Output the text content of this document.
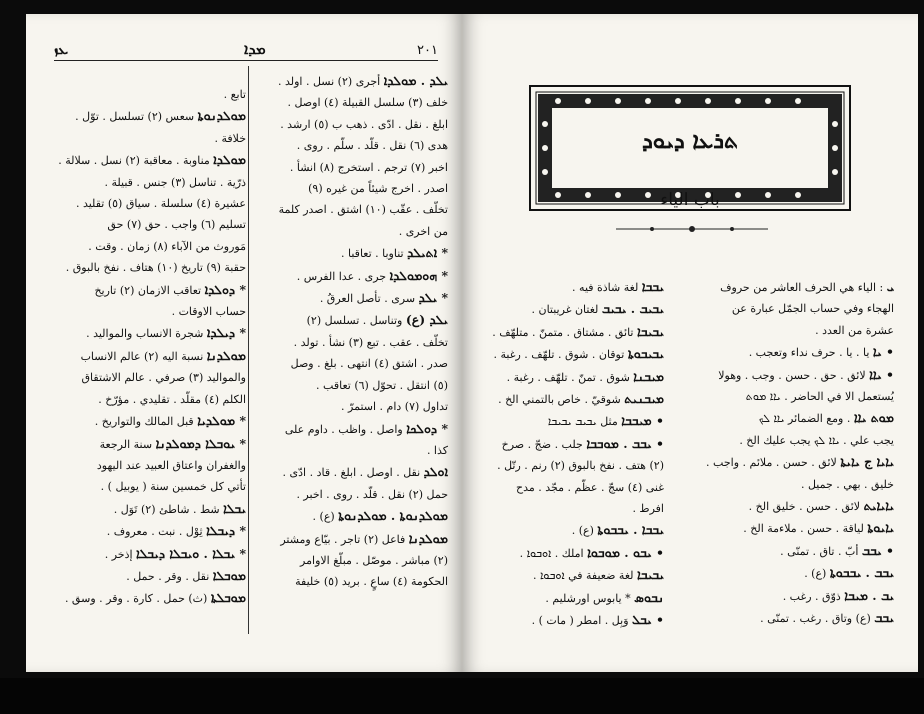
ܥܙ	ܡܕܐ	٢٠١
ܝܠܕ . ܡܘܠܕܐ أجرى (٢) نسل . اولد .
خلف (٣) سلسل القبيلة (٤) اوصل .
ابلغ . نقل . ادّى . ذهب ب (٥) ارشد .
هدى (٦) نقل . قلّد . سلّم . روى .
اخبر (٧) ترجم . استخرج (٨) انشأ .
اصدر . اخرج شيئاً من غيره (٩)
تخلّف . عقّب (١٠) اشتق . اصدر كلمة
من اخرى .
* ܐܬܝܠܕ تناوبا . تعاقبا .
* ܗܘܡܘܠܕܐ جرى . عدا الفرس .
* ܝܠܕ سرى . تأصل العرقُ .
ܝܠܕ (ع) وتناسل . تسلسل (٢)
تخلّف . عقب . تبع (٣) نشأ . تولد .
صدر . اشتق (٤) انتهى . بلغ . وصل
(٥) انتقل . تحوّل (٦) تعاقب .
تداول (٧) دام . استمرّ .
* ܕܘܠܟܐ واصل . واظب . داوم على
كذا .
ܐܘܠܕ نقل . اوصل . ابلغ . قاد . ادّى .
حمل (٢) نقل . قلّد . روى . اخبر .
ܡܘܠܕܢܘܬܐ . ܡܘܠܕܢܘܬܐ (ع) .
ܡܘܠܕܢܐ فاعل (٢) تاجر . بيّاع ومشتر
(٢) مباشر . موصّل . مبلّغ الاوامر
الحكومة (٤) ساعٍ . بريد (٥) خليفة
تابع .
ܡܘܠܕܢܘܬܐ سعس (٢) تسلسل . توّل .
خلافة .
ܡܘܠܕܐ مناوبة . معاقبة (٢) نسل . سلالة .
ذرّية . تناسل (٣) جنس . قبيلة .
عشيرة (٤) سلسلة . سياق (٥) تقليد .
تسليم (٦) واجب . حق (٧) حق
مَوروث من الآباء (٨) زمان . وقت .
حقبة (٩) تاريخ (١٠) هتاف . نفخ بالبوق .
* ܕܘܠܕܐ تعاقب الازمان (٢) تاريخ
حساب الاوقات .
* ܕܝܠܕܐ شجرة الانساب والمواليد .
ܡܘܠܕܢܐ نسبة اليه (٢) عالم الانساب
والمواليد (٣) صرفي . عالم الاشتقاق
الكلم (٤) مقلّد . تقليدي . مؤرّخ .
* ܡܘܠܕܝܐ قبل المالك والتواريخ .
* ܝܘܒܠܐ ܕܡܘܠܕܢܐ سنة الرجعة
والغفران واعتاق العبيد عند اليهود
تأتي كل خمسين سنة ( يوبيل ) .
ܝܒܠܐ شط . شاطئ (٢) تَوَل .
* ܕܝܒܠܐ ثِوْل . نبت . معروف .
* ܝܒܠܐ . ܘܝܒܠܐ ܕܝܒܠܐ إذخر .
ܡܘܒܠܐ نقل . وقر . حمل .
ܡܘܒܠܬܐ (ث) حمل . كارة . وقر . وسق .
ܬܪܥܐ ܕܝܘܕ
باب الياء
ܝ : الياء هي الحرف العاشر من حروف
الهجاء وفي حساب الجمّل عبارة عن
عشرة من العدد .
• ܝܐ يا . يا . حرف نداء وتعجب .
• ܝܐܐ لائق . حق . حسن . وجب . وهولا
يُستعمل الا في الحاضر . ܝܐܐ ܡܘܬ
ܡܘܬ ܝܐܐ . ومع الضمائر ܝܐܐ ܠܟ
يجب علي . ܝܐܐ ܠܟ يجب عليك الخ .
ܝܐܝܐ ج ܝܐܝܬܐ لائق . حسن . ملائم . واجب .
خليق . بهي . جميل .
ܝܐܝܐܝܬ لائق . حسن . خليق الخ .
ܝܐܝܘܬܐ لياقة . حسن . ملاءمة الخ .
• ܝܒܒ أبّ . تاق . تمنّى .
ܝܒܒ . ܝܒܒܘܬܐ (ع) .
ܝܒ . ܡܝܒܐ ذوّق . رغب .
ܝܒܒ (ع) وتاق . رغب . تمنّى .
ܝܒܒܐ لغة شاذة فيه .
ܝܒܝܒ . ܝܒܝܒ لغتان غريبتان .
ܝܒܝܒܐ تائق . مشتاق . متمنّ . متلهّف .
ܝܒܝܒܘܬܐ توقان . شوق . تلهّف . رغبة .
ܡܝܒܢܐ شوق . تمنّ . تلهّف . رغبة .
ܡܝܒܢܝܬ شوقيّ . خاص بالتمني الخ .
• ܡܝܒܒܐ مثل ܝܒܝܒ ܝܒܝܒܐ
• ܝܒܒ . ܡܘܒܒܐ جلب . ضجّ . صرخ
(٢) هتف . نفخ بالبوق (٢) رنم . رتّل .
غنى (٤) سجّ . عظّم . مجّد . مدح
افرط .
ܝܒܒܐ . ܝܒܒܘܬܐ (ع) .
• ܝܒܘ . ܡܘܒܘܐ املك . ܐܘܒܘܐ .
ܝܒܝܒܐ لغة ضعيفة في ܐܘܒܘܐ .
ܢܒܘܣ * يابوس اورشليم .
• ܝܒܠ وَبِل . امطر ( مات ) .
